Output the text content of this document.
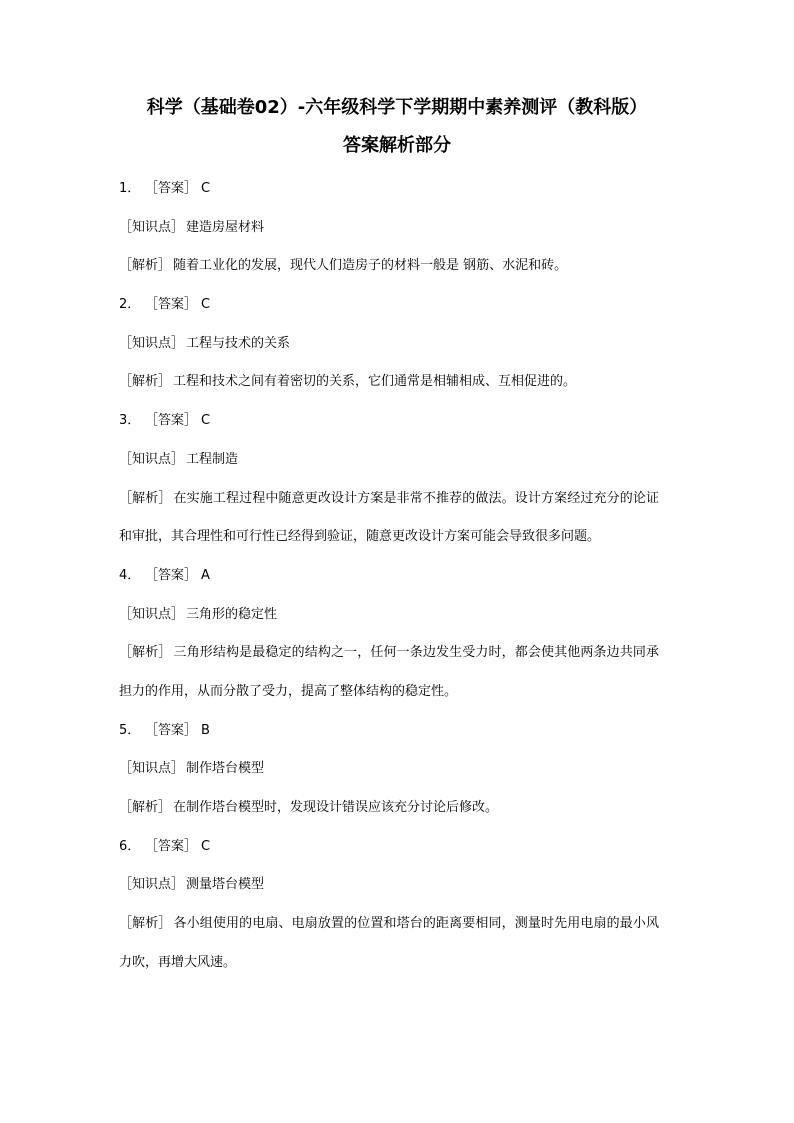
科学（基础卷02）-六年级科学下学期期中素养测评（教科版）
答案解析部分
1． ［答案］ C
［知识点］ 建造房屋材料
［解析］ 随着工业化的发展，现代人们造房子的材料一般是 钢筋、水泥和砖。
2． ［答案］ C
［知识点］ 工程与技术的关系
［解析］ 工程和技术之间有着密切的关系，它们通常是相辅相成、互相促进的。
3． ［答案］ C
［知识点］ 工程制造
［解析］ 在实施工程过程中随意更改设计方案是非常不推荐的做法。设计方案经过充分的论证和审批，其合理性和可行性已经得到验证，随意更改设计方案可能会导致很多问题。
4． ［答案］ A
［知识点］ 三角形的稳定性
［解析］ 三角形结构是最稳定的结构之一，任何一条边发生受力时，都会使其他两条边共同承担力的作用，从而分散了受力，提高了整体结构的稳定性。
5． ［答案］ B
［知识点］ 制作塔台模型
［解析］ 在制作塔台模型时，发现设计错误应该充分讨论后修改。
6． ［答案］ C
［知识点］ 测量塔台模型
［解析］ 各小组使用的电扇、电扇放置的位置和塔台的距离要相同，测量时先用电扇的最小风力吹，再增大风速。
